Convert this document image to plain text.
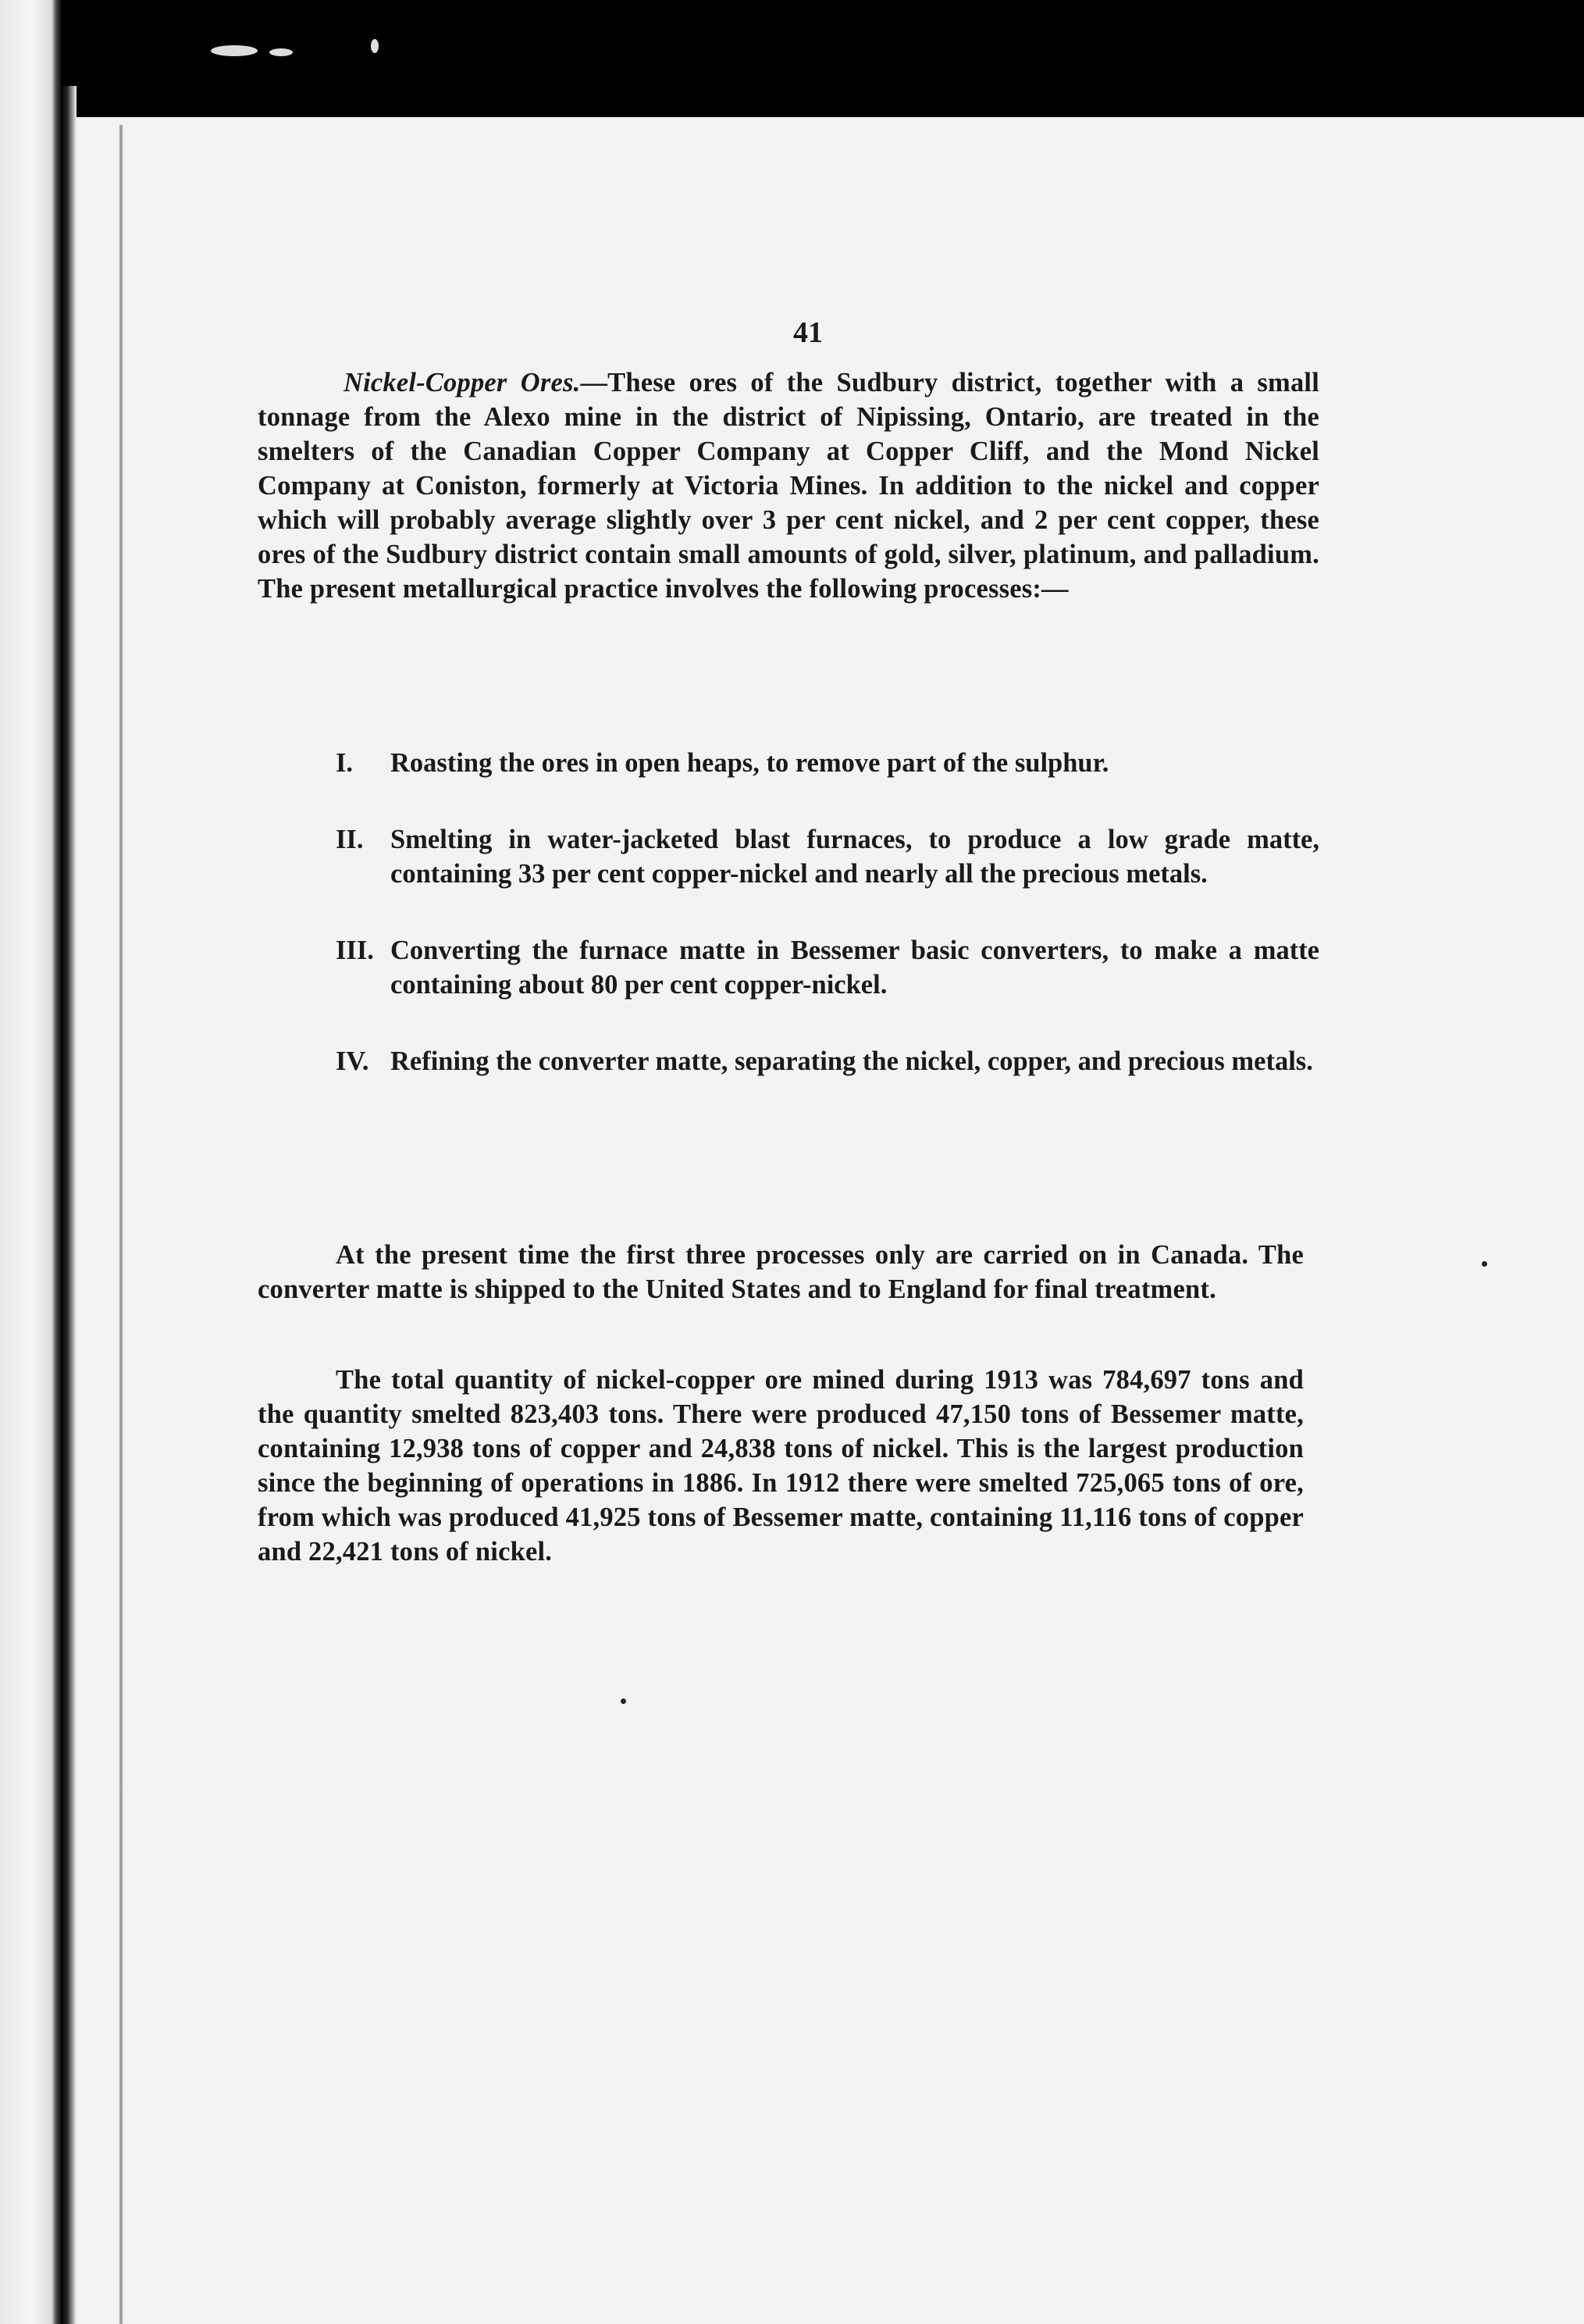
41

Nickel-Copper Ores.—These ores of the Sudbury district, together with a small tonnage from the Alexo mine in the district of Nipissing, Ontario, are treated in the smelters of the Canadian Copper Company at Copper Cliff, and the Mond Nickel Company at Coniston, formerly at Victoria Mines. In addition to the nickel and copper which will probably average slightly over 3 per cent nickel, and 2 per cent copper, these ores of the Sudbury district contain small amounts of gold, silver, platinum, and palladium. The present metallurgical practice involves the following processes:—

I.	Roasting the ores in open heaps, to remove part of the sulphur.
II.	Smelting in water-jacketed blast furnaces, to produce a low grade matte, containing 33 per cent copper-nickel and nearly all the precious metals.
III. Converting the furnace matte in Bessemer basic converters, to make a matte containing about 80 per cent copper-nickel.
IV. Refining the converter matte, separating the nickel, copper, and precious metals.

At the present time the first three processes only are carried on in Canada. The converter matte is shipped to the United States and to England for final treatment.

The total quantity of nickel-copper ore mined during 1913 was 784,697 tons and the quantity smelted 823,403 tons. There were produced 47,150 tons of Bessemer matte, containing 12,938 tons of copper and 24,838 tons of nickel. This is the largest production since the beginning of operations in 1886. In 1912 there were smelted 725,065 tons of ore, from which was produced 41,925 tons of Bessemer matte, containing 11,116 tons of copper and 22,421 tons of nickel.
